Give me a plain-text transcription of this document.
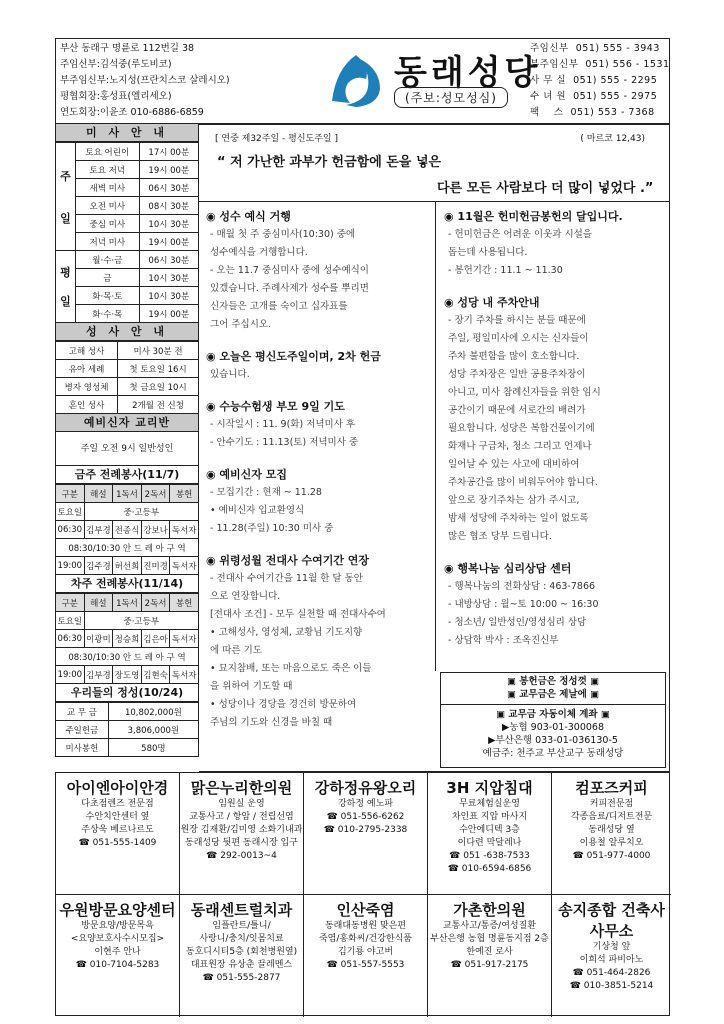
부산 동래구 명륜로 112번길 38
주임신부:김석중(루도비코)
부주임신부:노지성(프란치스코 살레시오)
평협회장:홍성표(엘리세오)
연도회장:이윤조 010-6886-6859
동래성당
(주보:성모성심)
주임신부  051) 555 - 3943
부주임신부  051) 556 - 1531
사 무 실  051) 555 - 2295
수 녀 원  051) 555 - 2975
팩    스  051) 553 - 7368
미 사 안 내
주

일	토요 어린이	17시 00분
	토요 저녁	19시 00분
	새벽 미사	06시 30분
	오전 미사	08시 30분
	중심 미사	10시 30분
	저녁 미사	19시 00분
평

일	월·수·금	06시 30분
	금	10시 30분
	화·목·토	10시 30분
	화·수·목	19시 00분
성 사 안 내
고해 성사	미사 30분 전
유아 세례	첫 토요일 16시
병자 영성체	첫 금요일 10시
혼인 성사	2개월 전 신청
예비신자 교리반
주일 오전 9시 일반성인
금주 전례봉사(11/7)
구분	해설	1독서	2독서	봉헌
토요일	중·고등부			
06:30	김부경	전종식	강보나	독서자
08:30/10:30 안 드 레 아 구 역				
19:00	김주경	허선희	진미경	독서자
차주 전례봉사(11/14)
구분	해설	1독서	2독서	봉헌
토요일	중·고등부			
06:30	이광미	정승희	김은아	독서자
08:30/10:30 안 드 레 아 구 역				
19:00	김부경	장도영	김현숙	독서자
우리들의 정성(10/24)
교 무 금	10,802,000원
주일헌금	3,806,000원
미사봉헌	580명
[ 연중 제32주일 - 평신도주일 ]	( 마르코 12,43)
“ 저 가난한 과부가 헌금함에 돈을 넣은
다른 모든 사람보다 더 많이 넣었다 .”
◉ 성수 예식 거행

- 매월 첫 주 중심미사(10:30) 중에

성수예식을 거행합니다.

- 오는 11.7 중심미사 중에 성수예식이

있겠습니다. 주례사제가 성수를 뿌리면

신자들은 고개를 숙이고 십자표를

그어 주십시오.

◉ 오늘은 평신도주일이며, 2차 헌금

있습니다.

◉ 수능수험생 부모 9일 기도

- 시작일시 : 11. 9(화) 저녁미사 후

- 안수기도 : 11.13(토) 저녁미사 중

◉ 예비신자 모집

- 모집기간 : 현재 ~ 11.28

• 예비신자 입교환영식

- 11.28(주일) 10:30 미사 중

◉ 위령성월 전대사 수여기간 연장

- 전대사 수여기간을 11월 한 달 동안

으로 연장합니다.

[전대사 조건] - 모두 실천할 때 전대사수여

• 고해성사, 영성체, 교황님 기도지향

에 따른 기도

• 묘지참배, 또는 마음으로도 죽은 이들

을 위하여 기도할 때

• 성당이나 경당을 경건히 방문하여

주님의 기도와 신경을 바칠 때

◉ 11월은 헌미헌금봉헌의 달입니다.

- 헌미헌금은 어려운 이웃과 시설을

돕는데 사용됩니다.

- 봉헌기간 : 11.1 ~ 11.30

◉ 성당 내 주차안내

- 장기 주차를 하시는 분들 때문에

주일, 평일미사에 오시는 신자들이

주차 불편함을 많이 호소합니다.

성당 주차장은 일반 공용주차장이

아니고, 미사 참례신자들을 위한 임시

공간이기 때문에 서로간의 배려가

필요합니다. 성당은 복합건물이기에

화재나 구급차, 청소 그리고 언제나

일어날 수 있는 사고에 대비하여

주차공간을 많이 비워두어야 합니다.

앞으로 장기주차는 삼가 주시고,

밤새 성당에 주차하는 일이 없도록

많은 협조 당부 드립니다.

◉ 행복나눔 심리상담 센터

- 행복나눔의 전화상담 : 463-7866

- 내방상담 : 월~토 10:00 ~ 16:30

- 청소년/ 일반성인/영성심리 상담

- 상담학 박사 : 조옥진신부

▣ 봉헌금은 정성껏 ▣
▣ 교무금은 제날에 ▣
▣ 교무금 자동이체 계좌 ▣
▶농협 903-01-300068
▶부산은행 033-01-036130-5
예금주: 천주교 부산교구 동래성당
아이엔아이안경
다초점렌즈 전문점
수안치안센터 옆
주상욱 베르나르도
☎ 051-555-1409
맑은누리한의원
임원실 운영
교통사고 / 항암 / 전립선염
원장 김재환/김미영 소화기내과
동래성당 뒷편 동래시장 입구
☎ 292-0013~4
강하정유왕오리
강하정 예노파
☎ 051-556-6262
☎ 010-2795-2338
3H 지압침대
무료체험실운영
차인표 지압 마사지
수안에디텍 3층
이다련 막달레나
☎ 051 -638-7533
☎ 010-6594-6856
컴포즈커피
커피전문점
각종음료/디저트전문
동래성당 옆
이용철 알루치오
☎ 051-977-4000
우원방문요양센터
방문요양/방문목욕
<요양보호사수시모집>
이현주 안나
☎ 010-7104-5283
동래센트럴치과
임플란트/틀니/
사랑니/충치/잇몸치료
동호디시티5층 (회천병원옆)
대표원장 유상춘 끌레멘스
☎ 051-555-2877
인산죽염
동래대동병원 맞은편
죽염/홍화씨/건강한식품
김기룡 야고버
☎ 051-557-5553
가촌한의원
교통사고/통증/여성질환
부산은행 농협 명륜동지점 2층
한예진 로사
☎ 051-917-2175
송지종합 건축사사무소
기상청 앞
이희석 파비아노
☎ 051-464-2826
☎ 010-3851-5214
